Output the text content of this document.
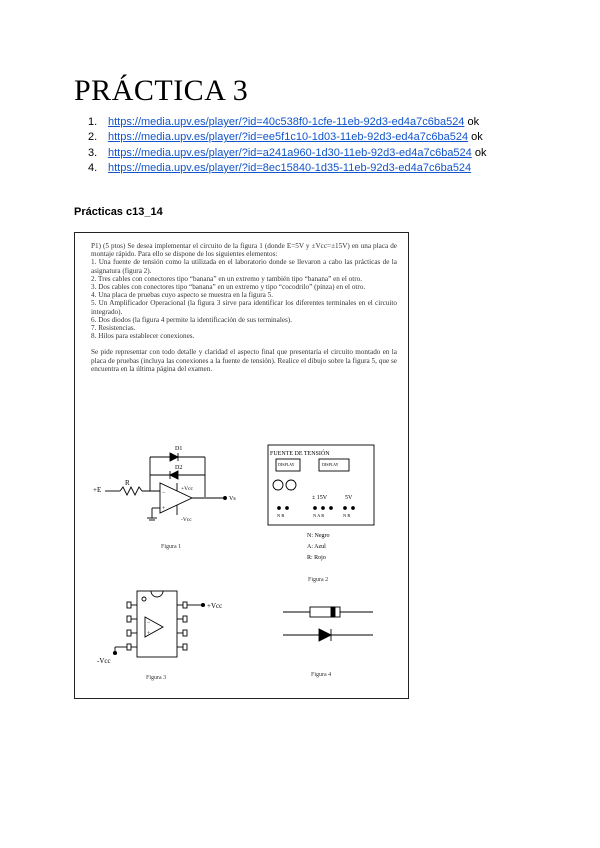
PRÁCTICA 3
1. https://media.upv.es/player/?id=40c538f0-1cfe-11eb-92d3-ed4a7c6ba524 ok
2. https://media.upv.es/player/?id=ee5f1c10-1d03-11eb-92d3-ed4a7c6ba524 ok
3. https://media.upv.es/player/?id=a241a960-1d30-11eb-92d3-ed4a7c6ba524 ok
4. https://media.upv.es/player/?id=8ec15840-1d35-11eb-92d3-ed4a7c6ba524
Prácticas c13_14

P1) (5 ptos) Se desea implementar el circuito de la figura 1 (donde E=5V y ±Vcc=±15V) en una placa de montaje rápido. Para ello se dispone de los siguientes elementos:

1. Una fuente de tensión como la utilizada en el laboratorio donde se llevaron a cabo las prácticas de la asignatura (figura 2).

2. Tres cables con conectores tipo “banana” en un extremo y también tipo “banana” en el otro.

3. Dos cables con conectores tipo “banana” en un extremo y tipo “cocodrilo” (pinza) en el otro.

4. Una placa de pruebas cuyo aspecto se muestra en la figura 5.

5. Un Amplificador Operacional (la figura 3 sirve para identificar los diferentes terminales en el circuito integrado).

6. Dos diodos (la figura 4 permite la identificación de sus terminales).

7. Resistencias.

8. Hilos para establecer conexiones.

Se pide representar con todo detalle y claridad el aspecto final que presentaría el circuito montado en la placa de pruebas (incluya las conexiones a la fuente de tensión). Realice el dibujo sobre la figura 5, que se encuentra en la última página del examen.

+E
R
D1
D2
−
+
Vs
+Vcc
-Vcc
Figura 1
FUENTE DE TENSIÓN
DISPLAY	DISPLAY
± 15V	5V
N R	N A R	N R
N: Negro
A: Azul
R: Rojo
Figura 2
−
+
+Vcc
-Vcc
Figura 3	Figura 4
